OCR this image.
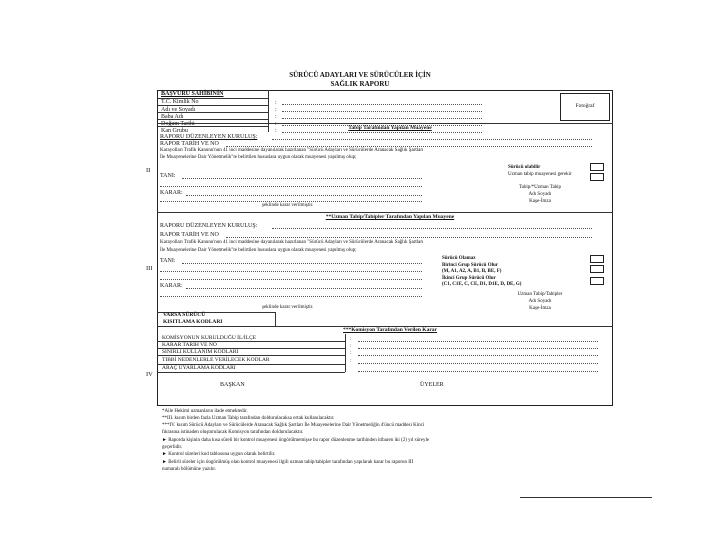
SÜRÜCÜ ADAYLARI VE SÜRÜCÜLER İÇİN
SAĞLIK RAPORU
BAŞVURU SAHİBİNİN
T.C. Kimlik No
Adı ve Soyadı
Baba Adı
Doğum Tarihi
Kan Grubu
:
:
:
:
:
Fotoğraf
II
Tabip Tarafından Yapılan Muayene
RAPORU DÜZENLEYEN KURULUŞ:
RAPOR TARİH VE NO
Karayolları Trafik Kanunu'nun 41 inci maddesine dayanılarak hazırlanan "Sürücü Adayları ve Sürücülerde Aranacak Sağlık Şartları
İle Muayenelerine Dair Yönetmelik"te belirtilen hususlara uygun olarak muayenesi yapılmış olup;
Sürücü olabilir
Uzman tabip muayenesi gerekir
TANI:
KARAR:
şeklinde karar verilmiştir.
Tabip/*Uzman Tabip
Adı Soyadı
Kaşe-İmza
III
**Uzman Tabip/Tabipler Tarafından Yapılan Muayene
RAPORU DÜZENLEYEN KURULUŞ:
RAPOR TARİH VE NO
Karayolları Trafik Kanunu'nun 41 inci maddesine dayanılarak hazırlanan "Sürücü Adayları ve Sürücülerde Aranacak Sağlık Şartları
İle Muayenelerine Dair Yönetmelik"te belirtilen hususlara uygun olarak muayenesi yapılmış olup;
TANI:
KARAR:
şeklinde karar verilmiştir.
Sürücü Olamaz
Birinci Grup Sürücü Olur
(M, A1, A2, A, B1, B, BE, F)
İkinci Grup Sürücü Olur
(C1, C1E, C, CE, D1, D1E, D, DE, G)
Uzman Tabip/Tabipler
Adı Soyadı
Kaşe-İmza
VARSA SÜRÜCÜ
KISITLAMA KODLARI
IV
***Komisyon Tarafından Verilen Karar
KOMİSYONUN KURULDUĞU İL/İLÇE
KARAR TARİH VE NO
SINIRLI KULLANIM KODLARI
TIBBİ NEDENLERLE VERİLECEK KODLAR
ARAÇ UYARLAMA KODLARI
:
:
:
:
BAŞKAN	ÜYELER
*Aile Hekimi uzmanların ilade etmektedir.
**III. kısım birden fazla Uzman Tabip tarafından doldurulacaksa ortak kullanılacaktır.
***IV. kısım Sürücü Adayları ve Sürücülerde Aranacak Sağlık Şartları İle Muayenelerine Dair Yönetmeliğin 4'üncü maddesi Kinci
fıkrasına istinaden oluşturulacak Komisyon tarafından doldurulacaktır.
► Raporda kişinin daha kısa süreli bir kontrol muayenesi öngörülmemişse bu rapor düzenlenme tarihinden itibaren iki (2) yıl süreyle
geçerlidir.
► Kontrol süreleri kod tablosuna uygun olarak belirtilir.
► Belirli süreler için öngörülmüş olan kontrol muayenesi ilgili uzman tabip/tabipler tarafından yapılarak karar bu raporun III
numaralı bölümüne yazılır.
